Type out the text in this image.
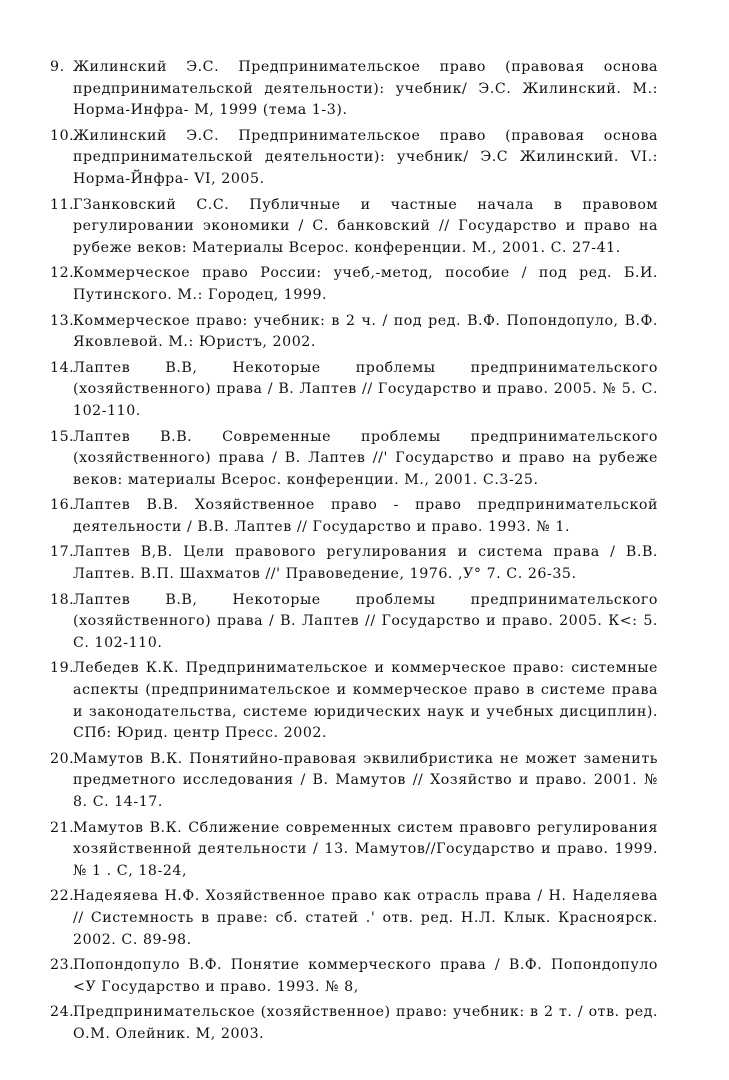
9. Жилинский Э.С. Предпринимательское право (правовая основа предпринимательской деятельности): учебник/ Э.С. Жилинский. М.: Норма-Инфра- М, 1999 (тема 1-3).
10.
Жилинский Э.С. Предпринимательское право (правовая основа предпринимательской деятельности): учебник/ Э.С Жилинский. VI.: Норма-Йнфра- VI, 2005.
11.
ГЗанковский С.С. Публичные и частные начала в правовом регулировании экономики / С. банковский // Государство и право на рубеже веков: Материалы Всерос. конференции. М., 2001. С. 27-41.
12.
Коммерческое право России: учеб,-метод, пособие / под ред. Б.И. Путинского. М.: Городец, 1999.
13.
Коммерческое право: учебник: в 2 ч. / под ред. В.Ф. Попондопуло, В.Ф. Яковлевой. М.: Юристъ, 2002.
14.
Лаптев В.В, Некоторые проблемы предпринимательского (хозяйственного) права / В. Лаптев // Государство и право. 2005. № 5. С. 102-110.
15.
Лаптев В.В. Современные проблемы предпринимательского (хозяйственного) права / В. Лаптев //' Государство и право на рубеже веков: материалы Всерос. конференции. М., 2001. С.3-25.
16.
Лаптев В.В. Хозяйственное право - право предпринимательской деятельности / В.В. Лаптев // Государство и право. 1993. № 1.
17.
Лаптев В,В. Цели правового регулирования и система права / В.В. Лаптев. В.П. Шахматов //' Правоведение, 1976. ,У° 7. С. 26-35.
18.
Лаптев В.В, Некоторые проблемы предпринимательского (хозяйственного) права / В. Лаптев // Государство и право. 2005. К<: 5. С. 102-110.
19.
Лебедев К.К. Предпринимательское и коммерческое право: системные аспекты (предпринимательское и коммерческое право в системе права и законодательства, системе юридических наук и учебных дисциплин). СПб: Юрид. центр Пресс. 2002.
20.
Мамутов В.К. Понятийно-правовая эквилибристика не может заменить предметного исследования / В. Мамутов // Хозяйство и право. 2001. № 8. С. 14-17.
21.
Мамутов В.К. Сближение современных систем правовго регулирования хозяйственной деятельности / 13. Мамутов//Государство и право. 1999. № 1 . С, 18-24,
22.
Надеяяева Н.Ф. Хозяйственное право как отрасль права / Н. Наделяева // Системность в праве: сб. статей .' отв. ред. Н.Л. Клык. Красноярск. 2002. С. 89-98.
23.
Попондопуло В.Ф. Понятие коммерческого права / В.Ф. Попондопуло <У Государство и право. 1993. № 8,
24.
Предпринимательское (хозяйственное) право: учебник: в 2 т. / отв. ред. О.М. Олейник. М, 2003.
